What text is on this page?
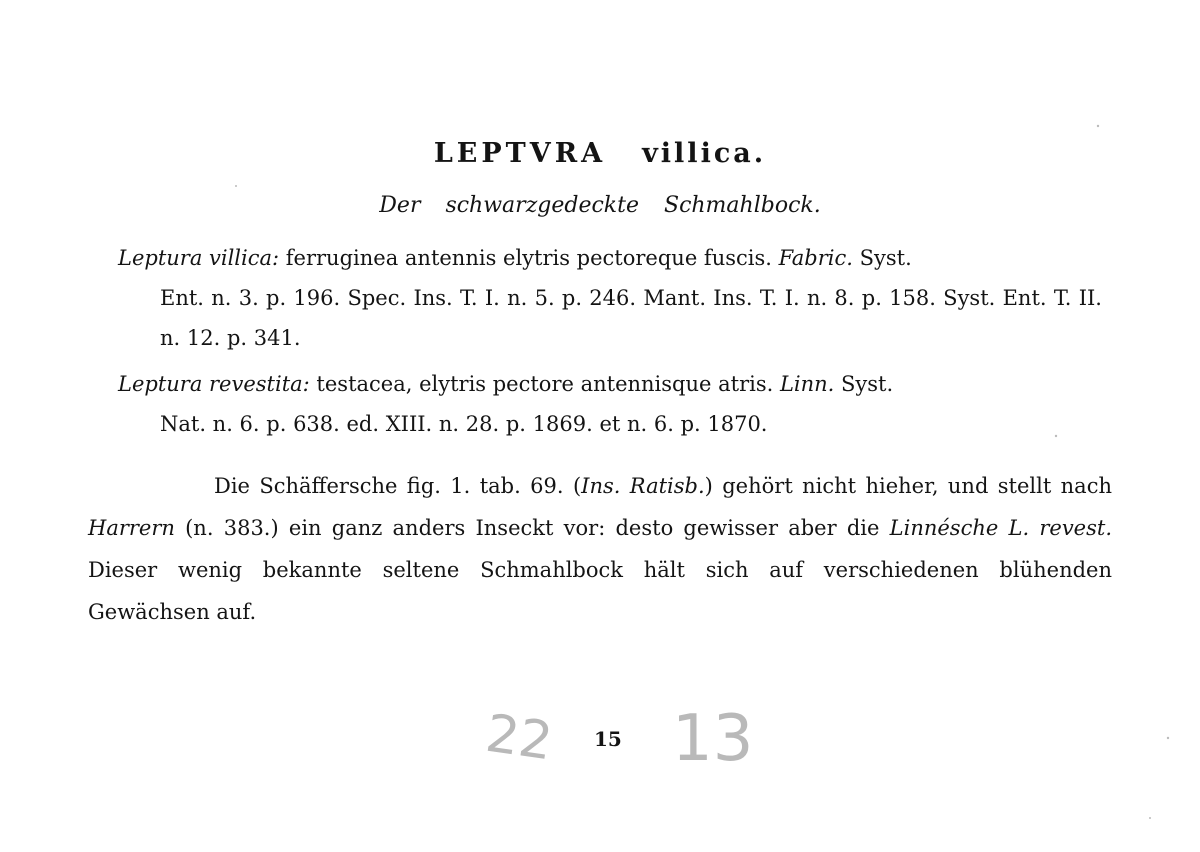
LEPTVRA villica.
Der schwarzgedeckte Schmahlbock.
Leptura villica: ferruginea antennis elytris pectoreque fuscis. Fabric. Syst.
Ent. n. 3. p. 196. Spec. Ins. T. I. n. 5. p. 246. Mant. Ins. T. I. n. 8. p. 158. Syst. Ent. T. II. n. 12. p. 341.
Leptura revestita: testacea, elytris pectore antennisque atris. Linn. Syst.
Nat. n. 6. p. 638. ed. XIII. n. 28. p. 1869. et n. 6. p. 1870.
Die Schäffersche fig. 1. tab. 69. (Ins. Ratisb.) gehört nicht hieher, und stellt nach Harrern (n. 383.) ein ganz anders Inseckt vor: desto gewisser aber die Linnésche L. revest. Dieser wenig bekannte seltene Schmahlbock hält sich auf verschiedenen blühenden Gewächsen auf.
22 15 13
